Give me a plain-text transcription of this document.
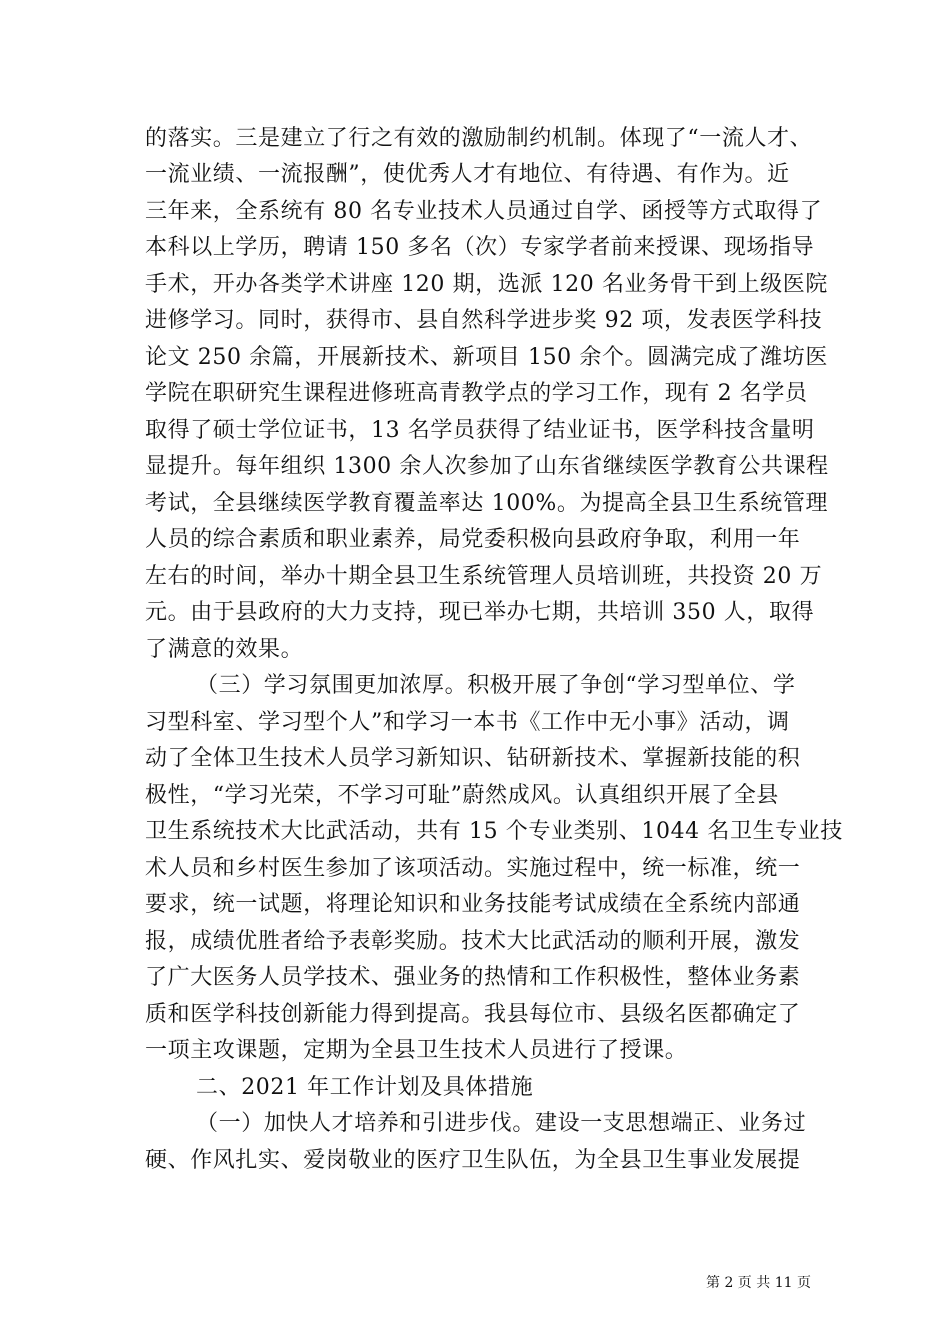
的落实。三是建立了行之有效的激励制约机制。体现了“一流人才、
一流业绩、一流报酬”，使优秀人才有地位、有待遇、有作为。近
三年来，全系统有 80 名专业技术人员通过自学、函授等方式取得了
本科以上学历，聘请 150 多名（次）专家学者前来授课、现场指导
手术，开办各类学术讲座 120 期，选派 120 名业务骨干到上级医院
进修学习。同时，获得市、县自然科学进步奖 92 项，发表医学科技
论文 250 余篇，开展新技术、新项目 150 余个。圆满完成了潍坊医
学院在职研究生课程进修班高青教学点的学习工作，现有 2 名学员
取得了硕士学位证书，13 名学员获得了结业证书，医学科技含量明
显提升。每年组织 1300 余人次参加了山东省继续医学教育公共课程
考试，全县继续医学教育覆盖率达 100%。为提高全县卫生系统管理
人员的综合素质和职业素养，局党委积极向县政府争取，利用一年
左右的时间，举办十期全县卫生系统管理人员培训班，共投资 20 万
元。由于县政府的大力支持，现已举办七期，共培训 350 人，取得
了满意的效果。
（三）学习氛围更加浓厚。积极开展了争创“学习型单位、学
习型科室、学习型个人”和学习一本书《工作中无小事》活动，调
动了全体卫生技术人员学习新知识、钻研新技术、掌握新技能的积
极性，“学习光荣，不学习可耻”蔚然成风。认真组织开展了全县
卫生系统技术大比武活动，共有 15 个专业类别、1044 名卫生专业技
术人员和乡村医生参加了该项活动。实施过程中，统一标准，统一
要求，统一试题，将理论知识和业务技能考试成绩在全系统内部通
报，成绩优胜者给予表彰奖励。技术大比武活动的顺利开展，激发
了广大医务人员学技术、强业务的热情和工作积极性，整体业务素
质和医学科技创新能力得到提高。我县每位市、县级名医都确定了
一项主攻课题，定期为全县卫生技术人员进行了授课。
二、2021 年工作计划及具体措施
（一）加快人才培养和引进步伐。建设一支思想端正、业务过
硬、作风扎实、爱岗敬业的医疗卫生队伍，为全县卫生事业发展提
第 2 页 共 11 页
